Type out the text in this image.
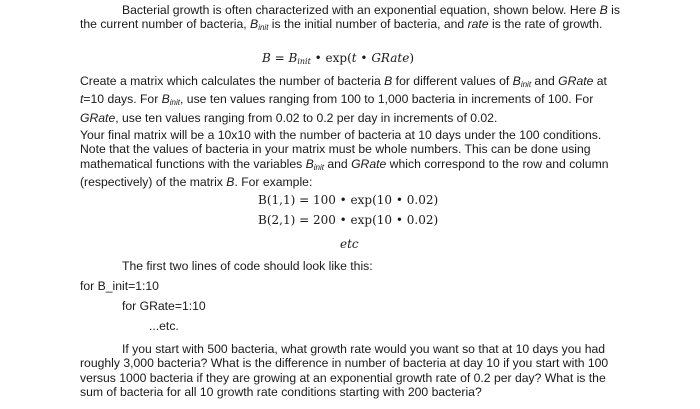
Bacterial growth is often characterized with an exponential equation, shown below. Here B is the current number of bacteria, $B_{init}$ is the initial number of bacteria, and rate is the rate of growth.

$B = B_{init}$ • exp(t • GRate)

Create a matrix which calculates the number of bacteria B for different values of $B_{init}$ and GRate at t=10 days. For $B_{init}$, use ten values ranging from 100 to 1,000 bacteria in increments of 100. For GRate, use ten values ranging from 0.02 to 0.2 per day in increments of 0.02.

Your final matrix will be a 10x10 with the number of bacteria at 10 days under the 100 conditions. Note that the values of bacteria in your matrix must be whole numbers. This can be done using mathematical functions with the variables $B_{init}$ and GRate which correspond to the row and column (respectively) of the matrix B. For example:

B(1,1) = 100 • exp(10 • 0.02)
B(2,1) = 200 • exp(10 • 0.02)
etc

The first two lines of code should look like this:

for B_init=1:10

for GRate=1:10

...etc.

If you start with 500 bacteria, what growth rate would you want so that at 10 days you had roughly 3,000 bacteria? What is the difference in number of bacteria at day 10 if you start with 100 versus 1000 bacteria if they are growing at an exponential growth rate of 0.2 per day? What is the sum of bacteria for all 10 growth rate conditions starting with 200 bacteria?
